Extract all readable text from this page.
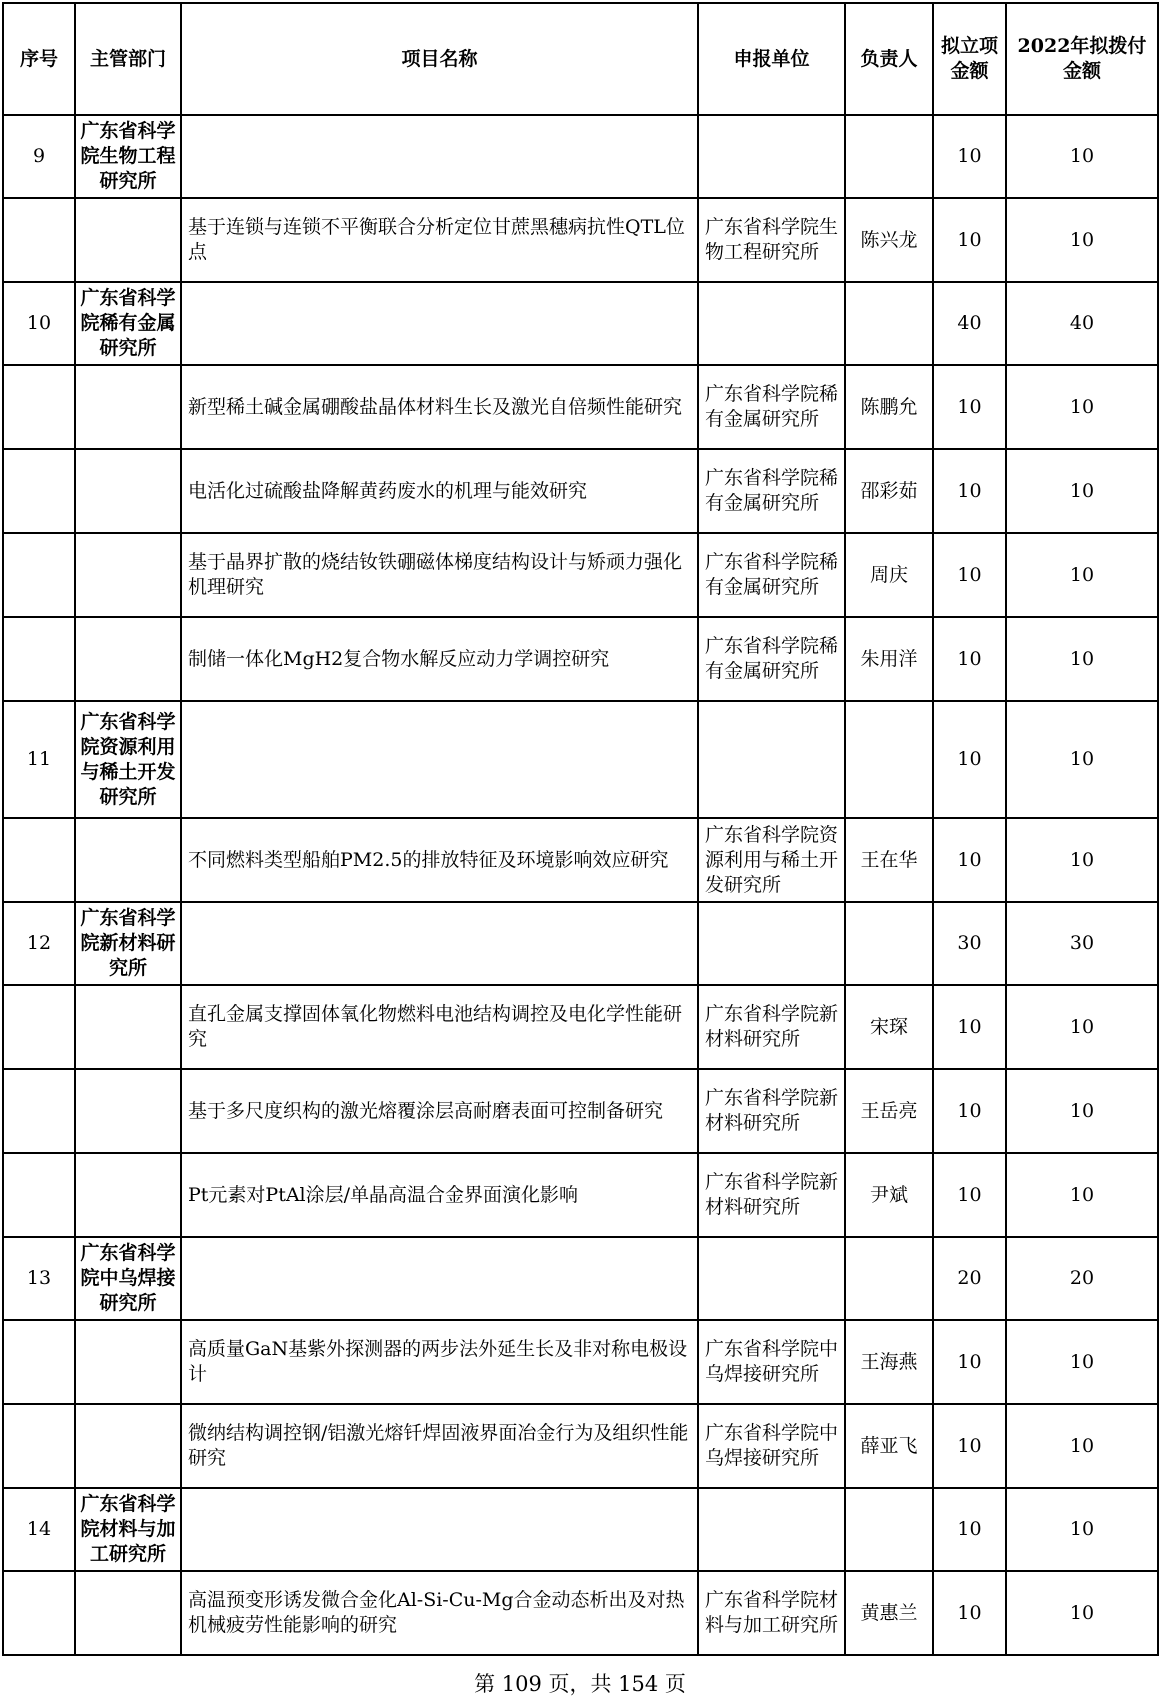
序号	主管部门	项目名称	申报单位	负责人	拟立项金额	2022年拟拨付金额
9	广东省科学院生物工程研究所				10	10
		基于连锁与连锁不平衡联合分析定位甘蔗黑穗病抗性QTL位点	广东省科学院生物工程研究所	陈兴龙	10	10
10	广东省科学院稀有金属研究所				40	40
		新型稀土碱金属硼酸盐晶体材料生长及激光自倍频性能研究	广东省科学院稀有金属研究所	陈鹏允	10	10
		电活化过硫酸盐降解黄药废水的机理与能效研究	广东省科学院稀有金属研究所	邵彩茹	10	10
		基于晶界扩散的烧结钕铁硼磁体梯度结构设计与矫顽力强化机理研究	广东省科学院稀有金属研究所	周庆	10	10
		制储一体化MgH2复合物水解反应动力学调控研究	广东省科学院稀有金属研究所	朱用洋	10	10
11	广东省科学院资源利用与稀土开发研究所				10	10
		不同燃料类型船舶PM2.5的排放特征及环境影响效应研究	广东省科学院资源利用与稀土开发研究所	王在华	10	10
12	广东省科学院新材料研究所				30	30
		直孔金属支撑固体氧化物燃料电池结构调控及电化学性能研究	广东省科学院新材料研究所	宋琛	10	10
		基于多尺度织构的激光熔覆涂层高耐磨表面可控制备研究	广东省科学院新材料研究所	王岳亮	10	10
		Pt元素对PtAl涂层/单晶高温合金界面演化影响	广东省科学院新材料研究所	尹斌	10	10
13	广东省科学院中乌焊接研究所				20	20
		高质量GaN基紫外探测器的两步法外延生长及非对称电极设计	广东省科学院中乌焊接研究所	王海燕	10	10
		微纳结构调控钢/铝激光熔钎焊固液界面冶金行为及组织性能研究	广东省科学院中乌焊接研究所	薛亚飞	10	10
14	广东省科学院材料与加工研究所				10	10
		高温预变形诱发微合金化Al-Si-Cu-Mg合金动态析出及对热机械疲劳性能影响的研究	广东省科学院材料与加工研究所	黄惠兰	10	10
第 109 页，共 154 页
